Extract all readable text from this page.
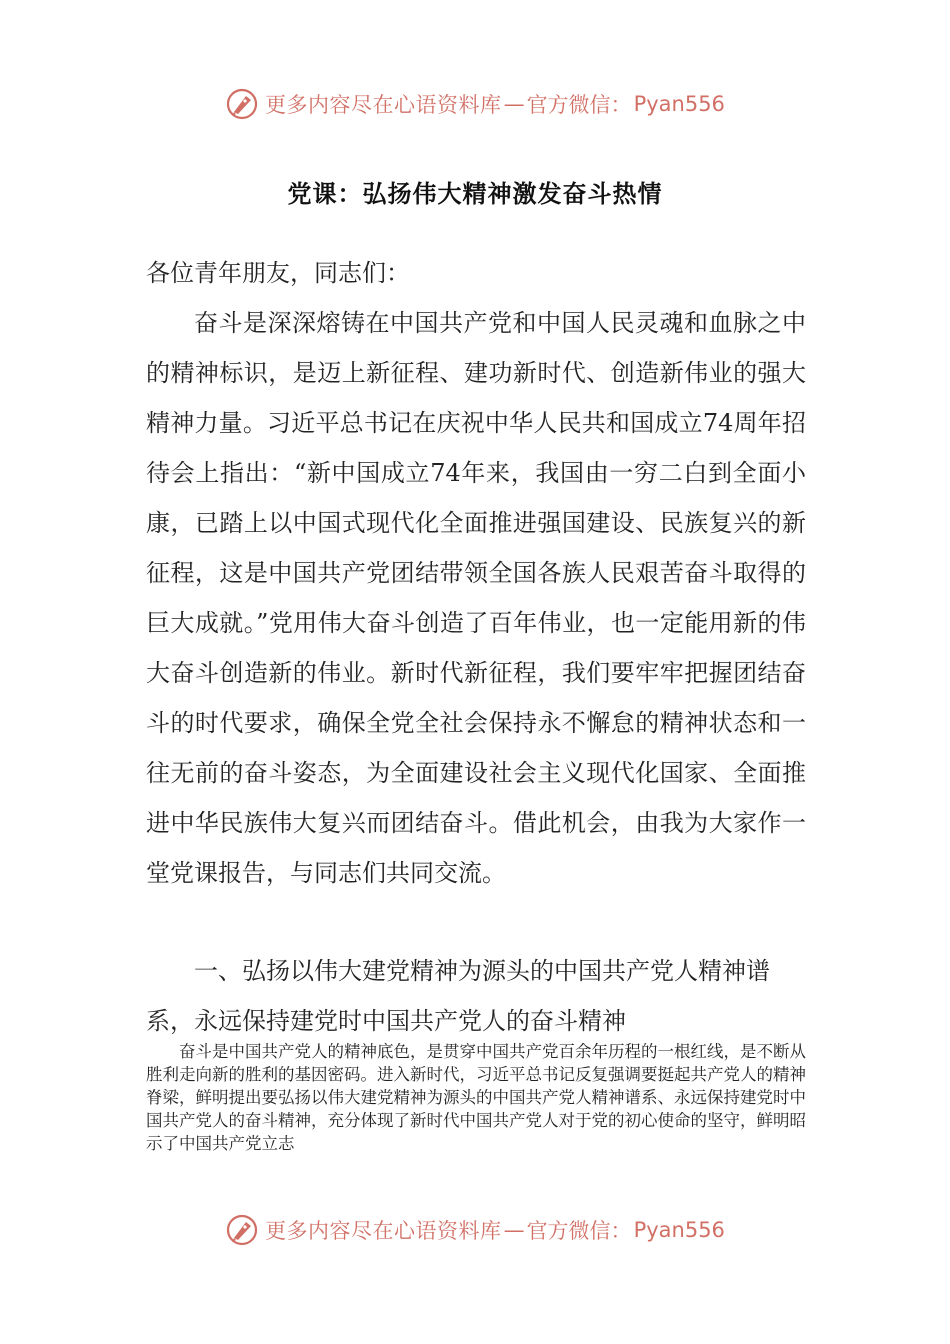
更多内容尽在心语资料库 — 官方微信： Pyan556
党课：弘扬伟大精神激发奋斗热情
各位青年朋友，同志们：
奋斗是深深熔铸在中国共产党和中国人民灵魂和血脉之中的精神标识，是迈上新征程、建功新时代、创造新伟业的强大精神力量。习近平总书记在庆祝中华人民共和国成立74周年招待会上指出：“新中国成立74年来，我国由一穷二白到全面小康，已踏上以中国式现代化全面推进强国建设、民族复兴的新征程，这是中国共产党团结带领全国各族人民艰苦奋斗取得的巨大成就。”党用伟大奋斗创造了百年伟业，也一定能用新的伟大奋斗创造新的伟业。新时代新征程，我们要牢牢把握团结奋斗的时代要求，确保全党全社会保持永不懈怠的精神状态和一往无前的奋斗姿态，为全面建设社会主义现代化国家、全面推进中华民族伟大复兴而团结奋斗。借此机会，由我为大家作一堂党课报告，与同志们共同交流。
一、弘扬以伟大建党精神为源头的中国共产党人精神谱系，永远保持建党时中国共产党人的奋斗精神
奋斗是中国共产党人的精神底色，是贯穿中国共产党百余年历程的一根红线，是不断从胜利走向新的胜利的基因密码。进入新时代，习近平总书记反复强调要挺起共产党人的精神脊梁，鲜明提出要弘扬以伟大建党精神为源头的中国共产党人精神谱系、永远保持建党时中国共产党人的奋斗精神，充分体现了新时代中国共产党人对于党的初心使命的坚守，鲜明昭示了中国共产党立志
更多内容尽在心语资料库 — 官方微信： Pyan556
